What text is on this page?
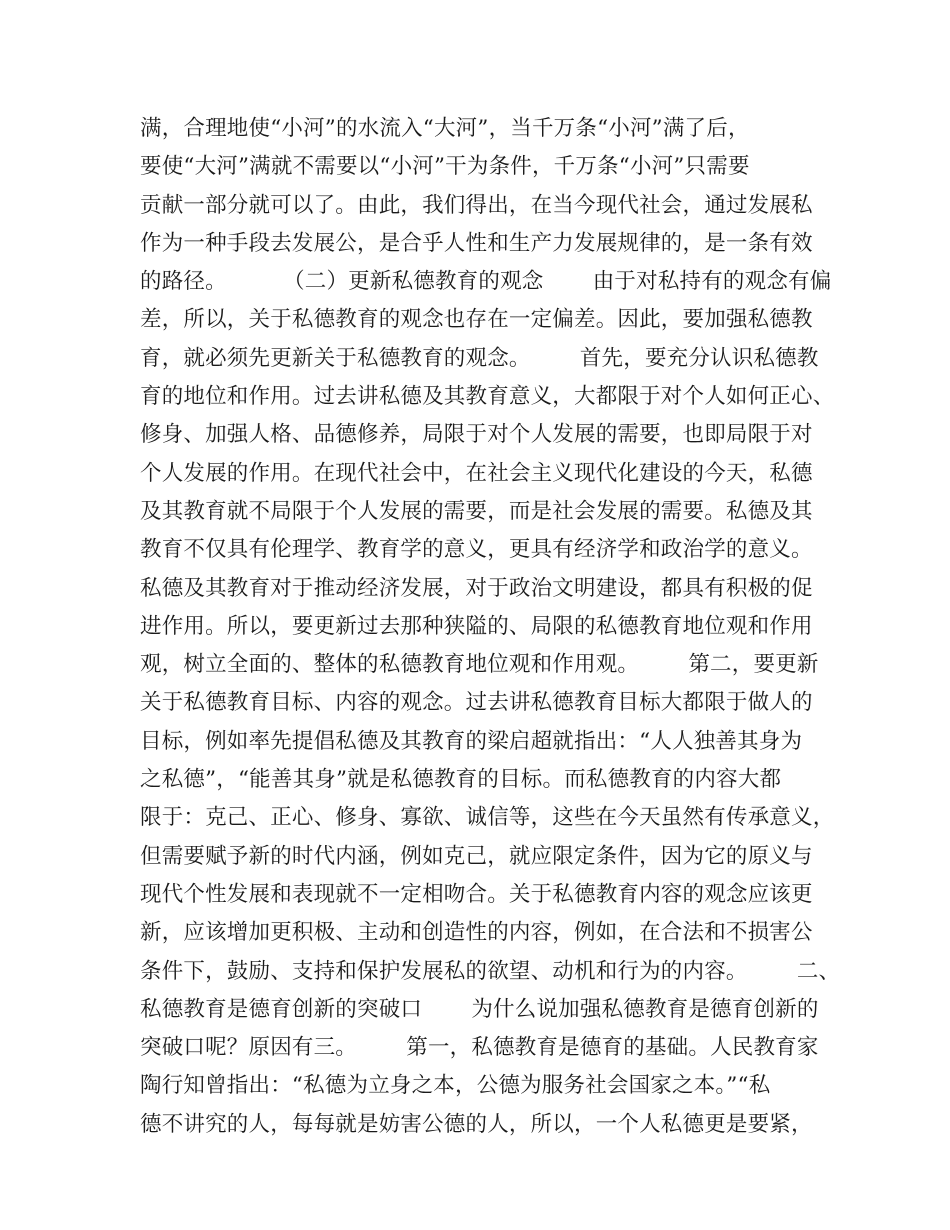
满，合理地使“小河”的水流入“大河”，当千万条“小河”满了后，
要使“大河”满就不需要以“小河”干为条件，千万条“小河”只需要
贡献一部分就可以了。由此，我们得出，在当今现代社会，通过发展私
作为一种手段去发展公，是合乎人性和生产力发展规律的，是一条有效
的路径。        （二）更新私德教育的观念       由于对私持有的观念有偏
差，所以，关于私德教育的观念也存在一定偏差。因此，要加强私德教
育，就必须先更新关于私德教育的观念。       首先，要充分认识私德教
育的地位和作用。过去讲私德及其教育意义，大都限于对个人如何正心、
修身、加强人格、品德修养，局限于对个人发展的需要，也即局限于对
个人发展的作用。在现代社会中，在社会主义现代化建设的今天，私德
及其教育就不局限于个人发展的需要，而是社会发展的需要。私德及其
教育不仅具有伦理学、教育学的意义，更具有经济学和政治学的意义。
私德及其教育对于推动经济发展，对于政治文明建设，都具有积极的促
进作用。所以，要更新过去那种狭隘的、局限的私德教育地位观和作用
观，树立全面的、整体的私德教育地位观和作用观。       第二，要更新
关于私德教育目标、内容的观念。过去讲私德教育目标大都限于做人的
目标，例如率先提倡私德及其教育的梁启超就指出：“人人独善其身为
之私德”，“能善其身”就是私德教育的目标。而私德教育的内容大都
限于：克己、正心、修身、寡欲、诚信等，这些在今天虽然有传承意义，
但需要赋予新的时代内涵，例如克己，就应限定条件，因为它的原义与
现代个性发展和表现就不一定相吻合。关于私德教育内容的观念应该更
新，应该增加更积极、主动和创造性的内容，例如，在合法和不损害公
条件下，鼓励、支持和保护发展私的欲望、动机和行为的内容。       二、
私德教育是德育创新的突破口       为什么说加强私德教育是德育创新的
突破口呢？原因有三。       第一，私德教育是德育的基础。人民教育家
陶行知曾指出：“私德为立身之本，公德为服务社会国家之本。”“私
德不讲究的人，每每就是妨害公德的人，所以，一个人私德更是要紧，
